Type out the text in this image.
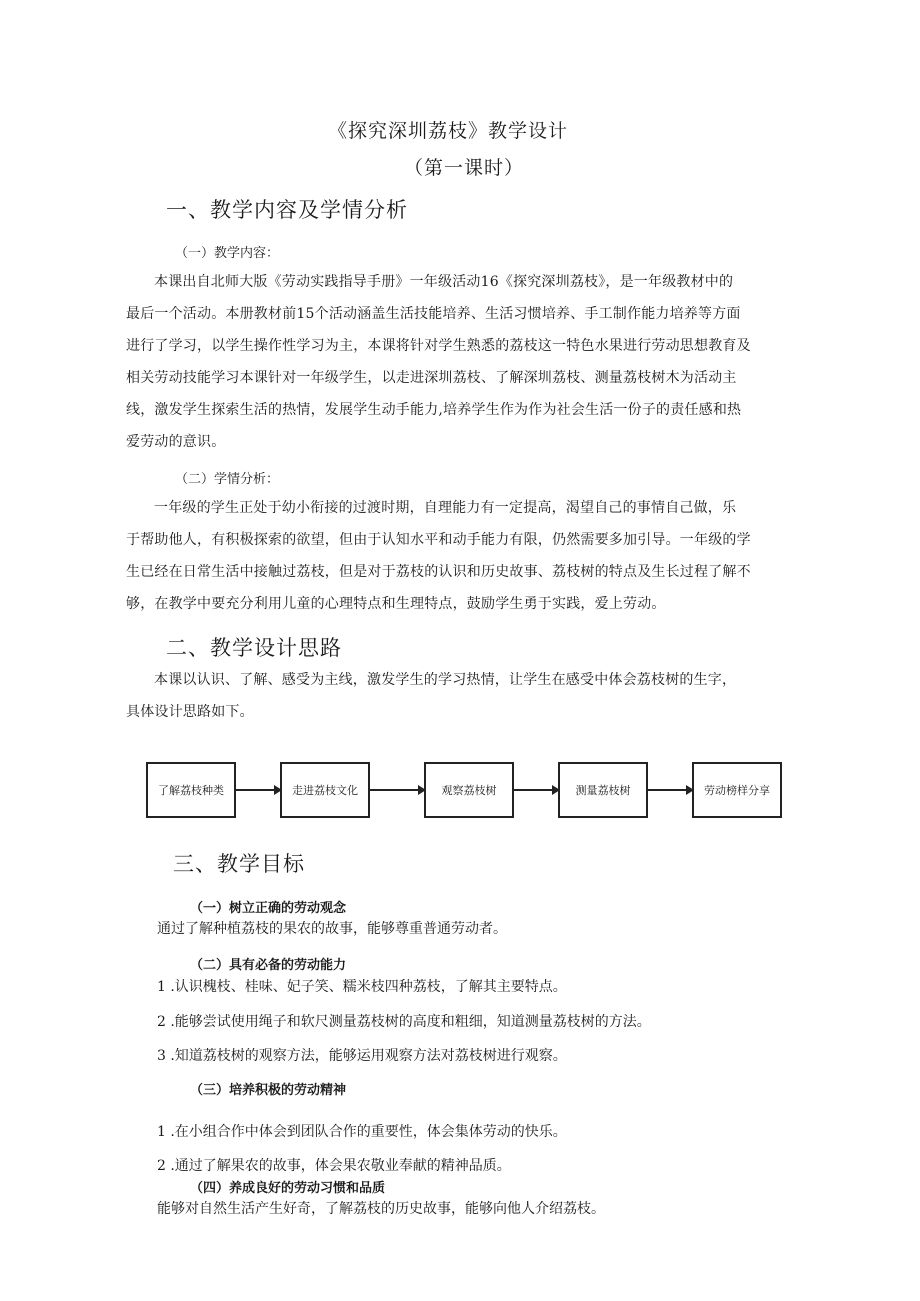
《探究深圳荔枝》教学设计
（第一课时）
一、教学内容及学情分析
（一）教学内容：

本课出自北师大版《劳动实践指导手册》一年级活动16《探究深圳荔枝》，是一年级教材中的

最后一个活动。本册教材前15个活动涵盖生活技能培养、生活习惯培养、手工制作能力培养等方面

进行了学习，以学生操作性学习为主，本课将针对学生熟悉的荔枝这一特色水果进行劳动思想教育及

相关劳动技能学习本课针对一年级学生，以走进深圳荔枝、了解深圳荔枝、测量荔枝树木为活动主

线，激发学生探索生活的热情，发展学生动手能力,培养学生作为作为社会生活一份子的责任感和热

爱劳动的意识。

（二）学情分析：

一年级的学生正处于幼小衔接的过渡时期，自理能力有一定提高，渴望自己的事情自己做，乐

于帮助他人，有积极探索的欲望，但由于认知水平和动手能力有限，仍然需要多加引导。一年级的学

生已经在日常生活中接触过荔枝，但是对于荔枝的认识和历史故事、荔枝树的特点及生长过程了解不

够，在教学中要充分利用儿童的心理特点和生理特点，鼓励学生勇于实践，爱上劳动。

二、教学设计思路

本课以认识、了解、感受为主线，激发学生的学习热情，让学生在感受中体会荔枝树的生字，

具体设计思路如下。

了解荔枝种类	走进荔枝文化	观察荔枝树	测量荔枝树	劳动榜样分享
三、教学目标
（一）树立正确的劳动观念
通过了解种植荔枝的果农的故事，能够尊重普通劳动者。
（二）具有必备的劳动能力
1 .认识槐枝、桂味、妃子笑、糯米枝四种荔枝，了解其主要特点。
2 .能够尝试使用绳子和软尺测量荔枝树的高度和粗细，知道测量荔枝树的方法。
3 .知道荔枝树的观察方法，能够运用观察方法对荔枝树进行观察。
（三）培养积极的劳动精神
1 .在小组合作中体会到团队合作的重要性，体会集体劳动的快乐。
2 .通过了解果农的故事，体会果农敬业奉献的精神品质。
（四）养成良好的劳动习惯和品质
能够对自然生活产生好奇，了解荔枝的历史故事，能够向他人介绍荔枝。
